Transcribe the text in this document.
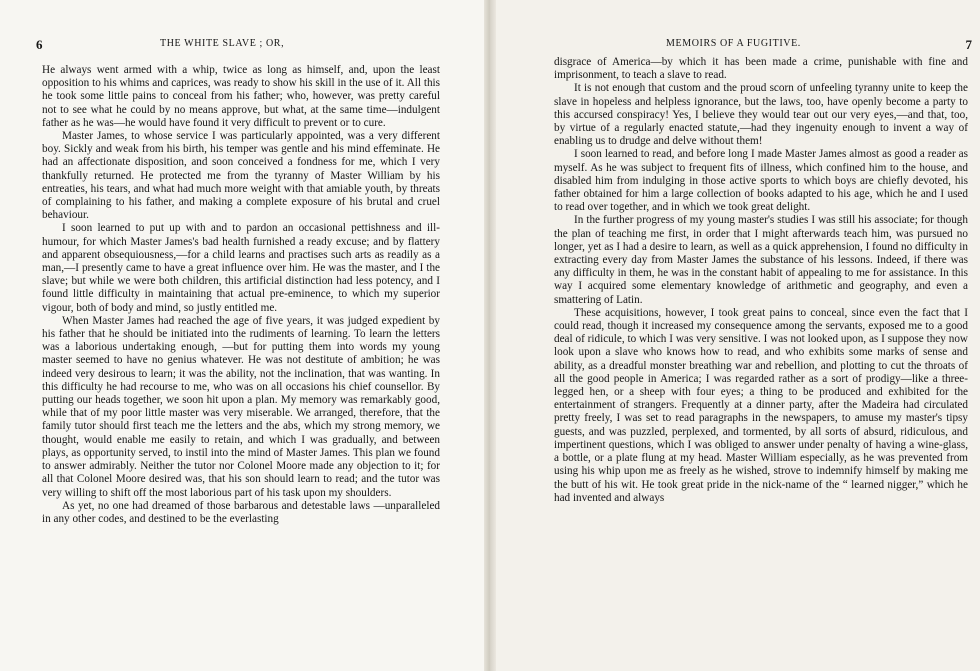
6	THE WHITE SLAVE ; OR,

He always went armed with a whip, twice as long as himself, and, upon the least opposition to his whims and caprices, was ready to show his skill in the use of it. All this he took some little pains to conceal from his father; who, however, was pretty careful not to see what he could by no means approve, but what, at the same time—indulgent father as he was—he would have found it very difficult to prevent or to cure.

Master James, to whose service I was particularly appointed, was a very different boy. Sickly and weak from his birth, his temper was gentle and his mind effeminate. He had an affectionate disposition, and soon conceived a fondness for me, which I very thankfully returned. He protected me from the tyranny of Master William by his entreaties, his tears, and what had much more weight with that amiable youth, by threats of complaining to his father, and making a complete exposure of his brutal and cruel behaviour.

I soon learned to put up with and to pardon an occasional pettishness and ill-humour, for which Master James's bad health furnished a ready excuse; and by flattery and apparent obsequiousness,—for a child learns and practises such arts as readily as a man,—I presently came to have a great influence over him. He was the master, and I the slave; but while we were both children, this artificial distinction had less potency, and I found little difficulty in maintaining that actual pre-eminence, to which my superior vigour, both of body and mind, so justly entitled me.

When Master James had reached the age of five years, it was judged expedient by his father that he should be initiated into the rudiments of learning. To learn the letters was a laborious undertaking enough, —but for putting them into words my young master seemed to have no genius whatever. He was not destitute of ambition; he was indeed very desirous to learn; it was the ability, not the inclination, that was wanting. In this difficulty he had recourse to me, who was on all occasions his chief counsellor. By putting our heads together, we soon hit upon a plan. My memory was remarkably good, while that of my poor little master was very miserable. We arranged, therefore, that the family tutor should first teach me the letters and the abs, which my strong memory, we thought, would enable me easily to retain, and which I was gradually, and between plays, as opportunity served, to instil into the mind of Master James. This plan we found to answer admirably. Neither the tutor nor Colonel Moore made any objection to it; for all that Colonel Moore desired was, that his son should learn to read; and the tutor was very willing to shift off the most laborious part of his task upon my shoulders.

As yet, no one had dreamed of those barbarous and detestable laws —unparalleled in any other codes, and destined to be the everlasting

MEMOIRS OF A FUGITIVE.	7

disgrace of America—by which it has been made a crime, punishable with fine and imprisonment, to teach a slave to read.

It is not enough that custom and the proud scorn of unfeeling tyranny unite to keep the slave in hopeless and helpless ignorance, but the laws, too, have openly become a party to this accursed conspiracy! Yes, I believe they would tear out our very eyes,—and that, too, by virtue of a regularly enacted statute,—had they ingenuity enough to invent a way of enabling us to drudge and delve without them!

I soon learned to read, and before long I made Master James almost as good a reader as myself. As he was subject to frequent fits of illness, which confined him to the house, and disabled him from indulging in those active sports to which boys are chiefly devoted, his father obtained for him a large collection of books adapted to his age, which he and I used to read over together, and in which we took great delight.

In the further progress of my young master's studies I was still his associate; for though the plan of teaching me first, in order that I might afterwards teach him, was pursued no longer, yet as I had a desire to learn, as well as a quick apprehension, I found no difficulty in extracting every day from Master James the substance of his lessons. Indeed, if there was any difficulty in them, he was in the constant habit of appealing to me for assistance. In this way I acquired some elementary knowledge of arithmetic and geography, and even a smattering of Latin.

These acquisitions, however, I took great pains to conceal, since even the fact that I could read, though it increased my consequence among the servants, exposed me to a good deal of ridicule, to which I was very sensitive. I was not looked upon, as I suppose they now look upon a slave who knows how to read, and who exhibits some marks of sense and ability, as a dreadful monster breathing war and rebellion, and plotting to cut the throats of all the good people in America; I was regarded rather as a sort of prodigy—like a three-legged hen, or a sheep with four eyes; a thing to be produced and exhibited for the entertainment of strangers. Frequently at a dinner party, after the Madeira had circulated pretty freely, I was set to read paragraphs in the newspapers, to amuse my master's tipsy guests, and was puzzled, perplexed, and tormented, by all sorts of absurd, ridiculous, and impertinent questions, which I was obliged to answer under penalty of having a wine-glass, a bottle, or a plate flung at my head. Master William especially, as he was prevented from using his whip upon me as freely as he wished, strove to indemnify himself by making me the butt of his wit. He took great pride in the nick-name of the “ learned nigger,” which he had invented and always
